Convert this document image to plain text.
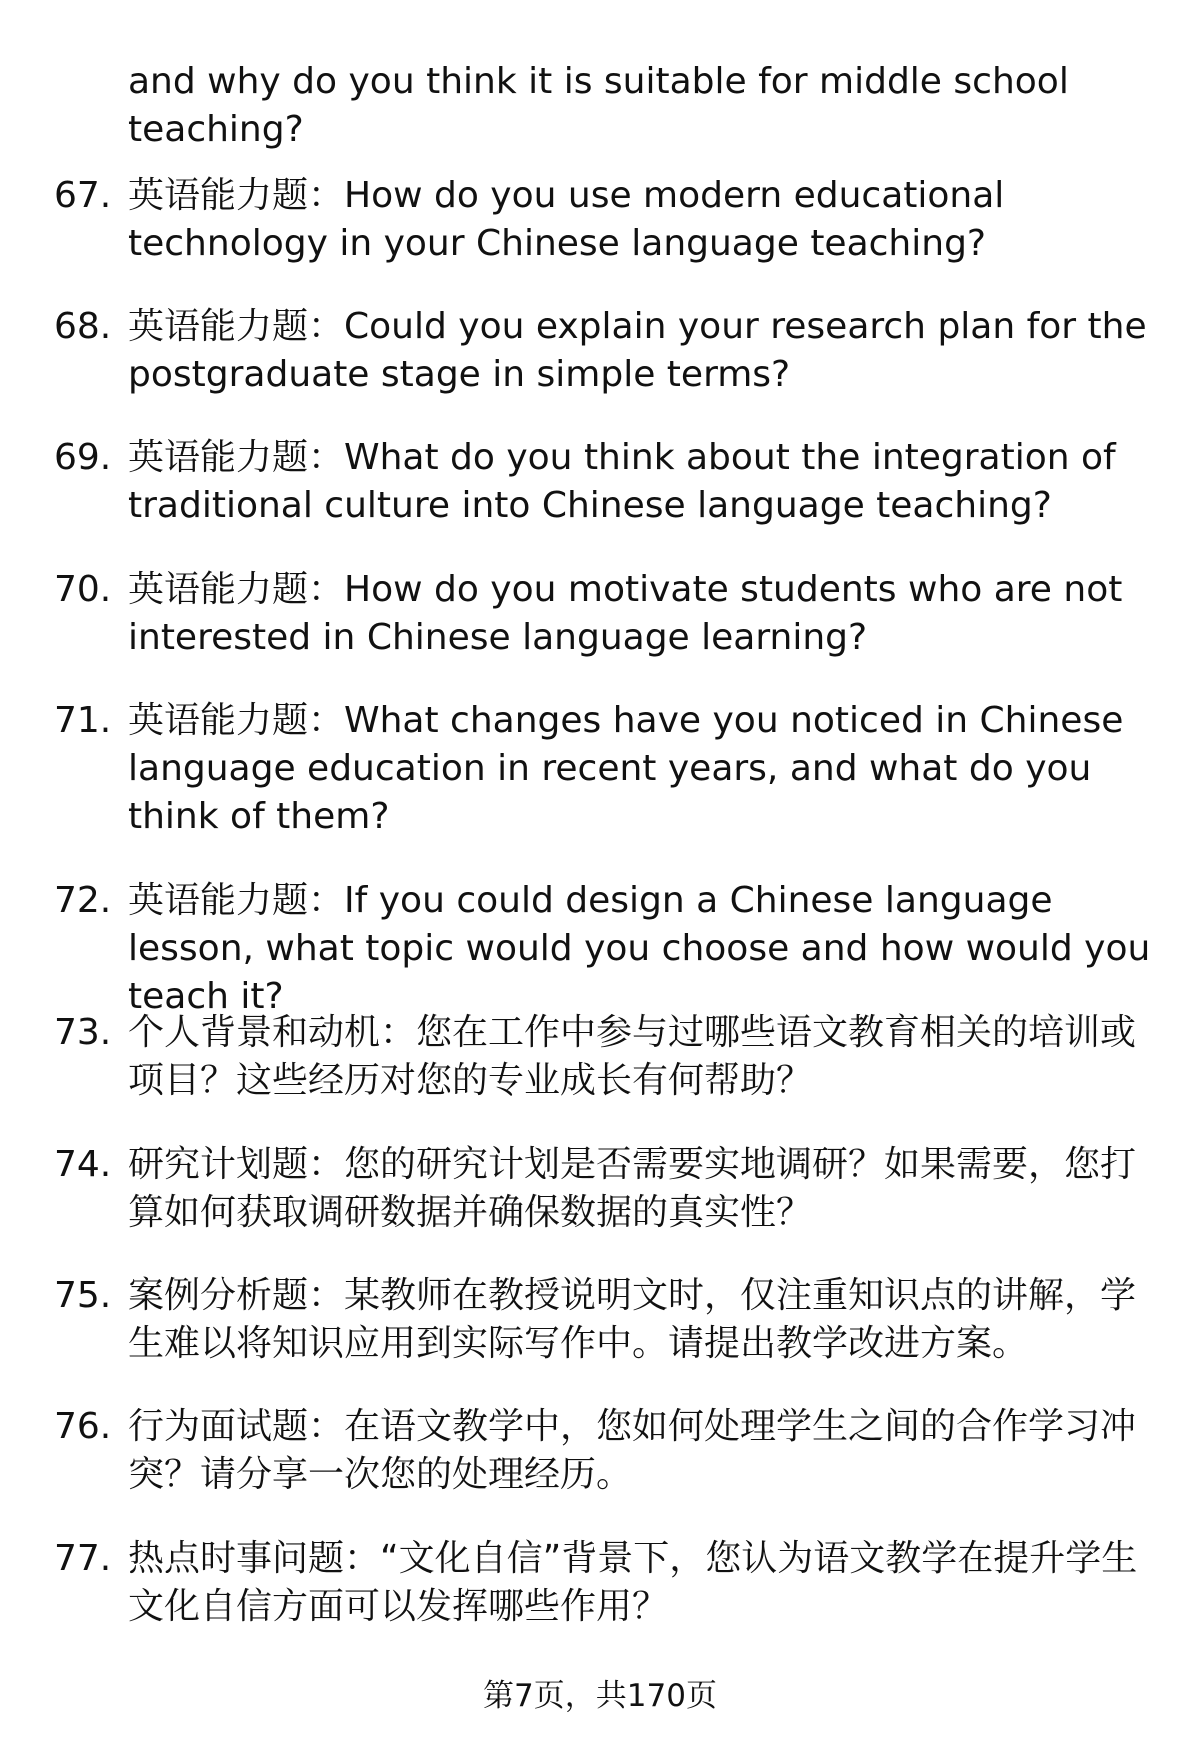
and why do you think it is suitable for middle school teaching?
67. 英语能力题：How do you use modern educational technology in your Chinese language teaching?
68. 英语能力题：Could you explain your research plan for the postgraduate stage in simple terms?
69. 英语能力题：What do you think about the integration of traditional culture into Chinese language teaching?
70. 英语能力题：How do you motivate students who are not interested in Chinese language learning?
71. 英语能力题：What changes have you noticed in Chinese language education in recent years, and what do you think of them?
72. 英语能力题：If you could design a Chinese language lesson, what topic would you choose and how would you teach it?
73. 个人背景和动机：您在工作中参与过哪些语文教育相关的培训或项目？这些经历对您的专业成长有何帮助？
74. 研究计划题：您的研究计划是否需要实地调研？如果需要，您打算如何获取调研数据并确保数据的真实性？
75. 案例分析题：某教师在教授说明文时，仅注重知识点的讲解，学生难以将知识应用到实际写作中。请提出教学改进方案。
76. 行为面试题：在语文教学中，您如何处理学生之间的合作学习冲突？请分享一次您的处理经历。
77. 热点时事问题：“文化自信”背景下，您认为语文教学在提升学生文化自信方面可以发挥哪些作用？
第7页，共170页
